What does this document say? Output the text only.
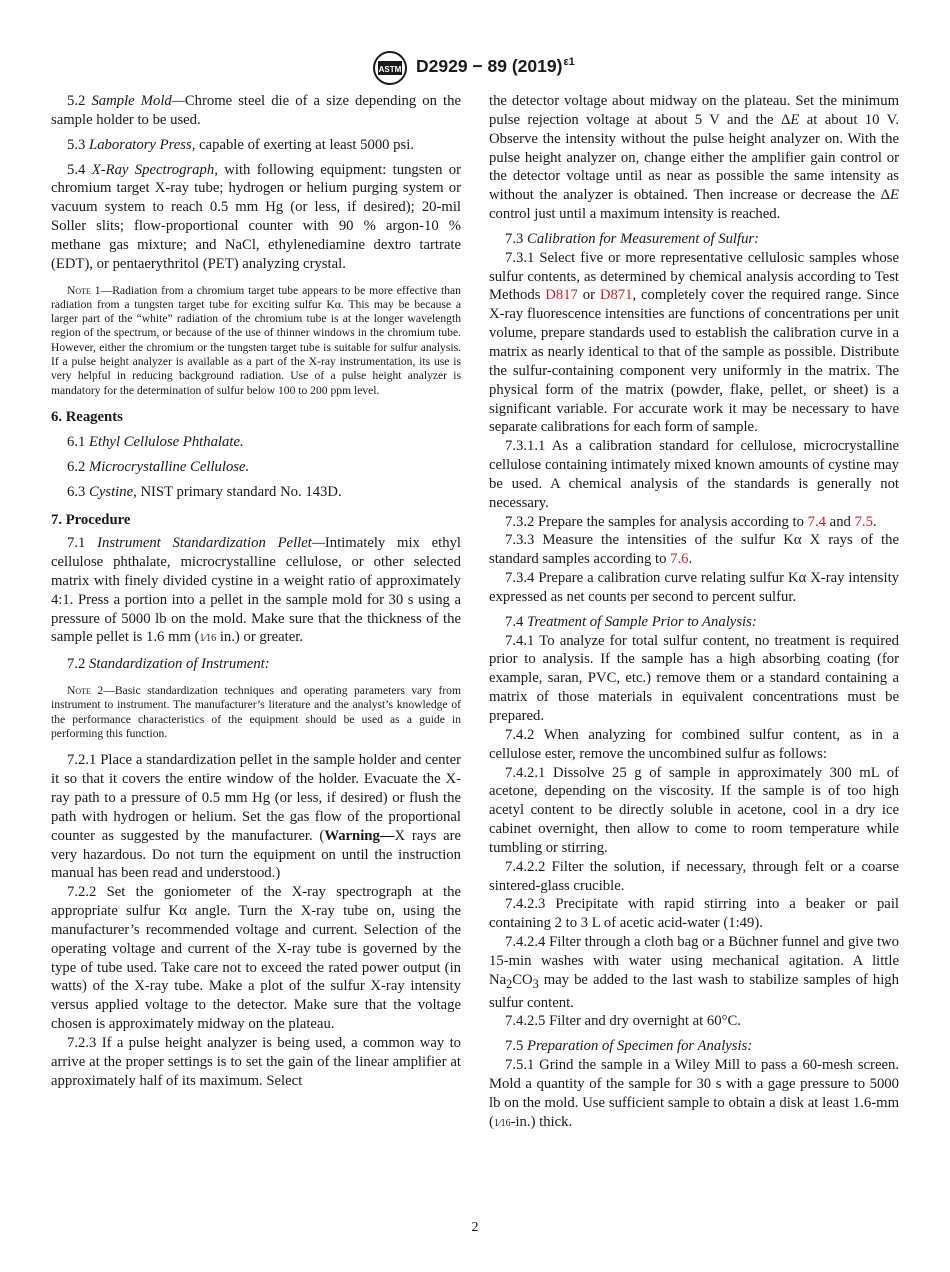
ASTM D2929 − 89 $(2019)^{\varepsilon 1}$

5.2 Sample Mold—Chrome steel die of a size depending on the sample holder to be used.

5.3 Laboratory Press, capable of exerting at least 5000 psi.

5.4 X-Ray Spectrograph, with following equipment: tungsten or chromium target X-ray tube; hydrogen or helium purging system or vacuum system to reach 0.5 mm Hg (or less, if desired); 20-mil Soller slits; flow-proportional counter with 90 % argon-10 % methane gas mixture; and NaCl, ethylenediamine dextro tartrate (EDT), or pentaerythritol (PET) analyzing crystal.

Note 1—Radiation from a chromium target tube appears to be more effective than radiation from a tungsten target tube for exciting sulfur Kα. This may be because a larger part of the “white” radiation of the chromium tube is at the longer wavelength region of the spectrum, or because of the use of thinner windows in the chromium tube. However, either the chromium or the tungsten target tube is suitable for sulfur analysis. If a pulse height analyzer is available as a part of the X-ray instrumentation, its use is very helpful in reducing background radiation. Use of a pulse height analyzer is mandatory for the determination of sulfur below 100 to 200 ppm level.

6. Reagents

6.1 Ethyl Cellulose Phthalate.

6.2 Microcrystalline Cellulose.

6.3 Cystine, NIST primary standard No. 143D.

7. Procedure

7.1 Instrument Standardization Pellet—Intimately mix ethyl cellulose phthalate, microcrystalline cellulose, or other selected matrix with finely divided cystine in a weight ratio of approximately 4:1. Press a portion into a pellet in the sample mold for 30 s using a pressure of 5000 lb on the mold. Make sure that the thickness of the sample pellet is 1.6 mm (1⁄16 in.) or greater.

7.2 Standardization of Instrument:

Note 2—Basic standardization techniques and operating parameters vary from instrument to instrument. The manufacturer’s literature and the analyst’s knowledge of the performance characteristics of the equipment should be used as a guide in performing this function.

7.2.1 Place a standardization pellet in the sample holder and center it so that it covers the entire window of the holder. Evacuate the X-ray path to a pressure of 0.5 mm Hg (or less, if desired) or flush the path with hydrogen or helium. Set the gas flow of the proportional counter as suggested by the manufacturer. (Warning—X rays are very hazardous. Do not turn the equipment on until the instruction manual has been read and understood.)

7.2.2 Set the goniometer of the X-ray spectrograph at the appropriate sulfur Kα angle. Turn the X-ray tube on, using the manufacturer’s recommended voltage and current. Selection of the operating voltage and current of the X-ray tube is governed by the type of tube used. Take care not to exceed the rated power output (in watts) of the X-ray tube. Make a plot of the sulfur X-ray intensity versus applied voltage to the detector. Make sure that the voltage chosen is approximately midway on the plateau.

7.2.3 If a pulse height analyzer is being used, a common way to arrive at the proper settings is to set the gain of the linear amplifier at approximately half of its maximum. Select

the detector voltage about midway on the plateau. Set the minimum pulse rejection voltage at about 5 V and the ΔE at about 10 V. Observe the intensity without the pulse height analyzer on. With the pulse height analyzer on, change either the amplifier gain control or the detector voltage until as near as possible the same intensity as without the analyzer is obtained. Then increase or decrease the ΔE control just until a maximum intensity is reached.

7.3 Calibration for Measurement of Sulfur:

7.3.1 Select five or more representative cellulosic samples whose sulfur contents, as determined by chemical analysis according to Test Methods D817 or D871, completely cover the required range. Since X-ray fluorescence intensities are functions of concentrations per unit volume, prepare standards used to establish the calibration curve in a matrix as nearly identical to that of the sample as possible. Distribute the sulfur-containing component very uniformly in the matrix. The physical form of the matrix (powder, flake, pellet, or sheet) is a significant variable. For accurate work it may be necessary to have separate calibrations for each form of sample.

7.3.1.1 As a calibration standard for cellulose, microcrystalline cellulose containing intimately mixed known amounts of cystine may be used. A chemical analysis of the standards is generally not necessary.

7.3.2 Prepare the samples for analysis according to 7.4 and 7.5.

7.3.3 Measure the intensities of the sulfur Kα X rays of the standard samples according to 7.6.

7.3.4 Prepare a calibration curve relating sulfur Kα X-ray intensity expressed as net counts per second to percent sulfur.

7.4 Treatment of Sample Prior to Analysis:

7.4.1 To analyze for total sulfur content, no treatment is required prior to analysis. If the sample has a high absorbing coating (for example, saran, PVC, etc.) remove them or a standard containing a matrix of those materials in equivalent concentrations must be prepared.

7.4.2 When analyzing for combined sulfur content, as in a cellulose ester, remove the uncombined sulfur as follows:

7.4.2.1 Dissolve 25 g of sample in approximately 300 mL of acetone, depending on the viscosity. If the sample is of too high acetyl content to be directly soluble in acetone, cool in a dry ice cabinet overnight, then allow to come to room temperature while tumbling or stirring.

7.4.2.2 Filter the solution, if necessary, through felt or a coarse sintered-glass crucible.

7.4.2.3 Precipitate with rapid stirring into a beaker or pail containing 2 to 3 L of acetic acid-water (1:49).

7.4.2.4 Filter through a cloth bag or a Büchner funnel and give two 15-min washes with water using mechanical agitation. A little $Na_2CO_3$ may be added to the last wash to stabilize samples of high sulfur content.

7.4.2.5 Filter and dry overnight at 60°C.

7.5 Preparation of Specimen for Analysis:

7.5.1 Grind the sample in a Wiley Mill to pass a 60-mesh screen. Mold a quantity of the sample for 30 s with a gage pressure to 5000 lb on the mold. Use sufficient sample to obtain a disk at least 1.6-mm (1⁄16-in.) thick.

2
